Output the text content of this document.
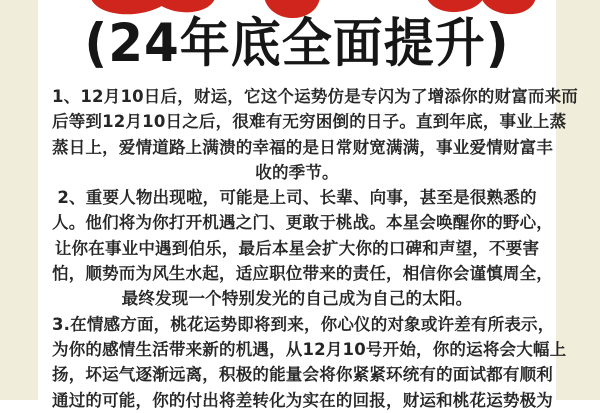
(24年底全面提升)
1、12月10日后，财运，它这个运势仿是专闪为了增添你的财富而来而
后等到12月10日之后，很难有无穷困倒的日子。直到年底，事业上蒸
蒸日上，爱情道路上满溃的幸福的是日常财宽满满，事业爱情财富丰
收的季节。
2、重要人物出现啦，可能是上司、长辈、向事，甚至是很熟悉的
人。他们将为你打开机遇之门、更敢于桃战。本星会唤醒你的野心，
让你在事业中遇到伯乐，最后本星会扩大你的口碑和声望，不要害
怕，顺势而为风生水起，适应职位带来的责任，相信你会谨慎周全，
最终发现一个特别发光的自己成为自己的太阳。
3.在情感方面，桃花运势即将到来，你心仪的对象或许差有所表示，
为你的感情生活带来新的机遇，从12月10号开始，你的运将会大幅上
扬，坏运气逐渐远离，积极的能量会将你紧紧环统有的面试都有顺利
通过的可能，你的付出将差转化为实在的回报，财运和桃花运势极为
